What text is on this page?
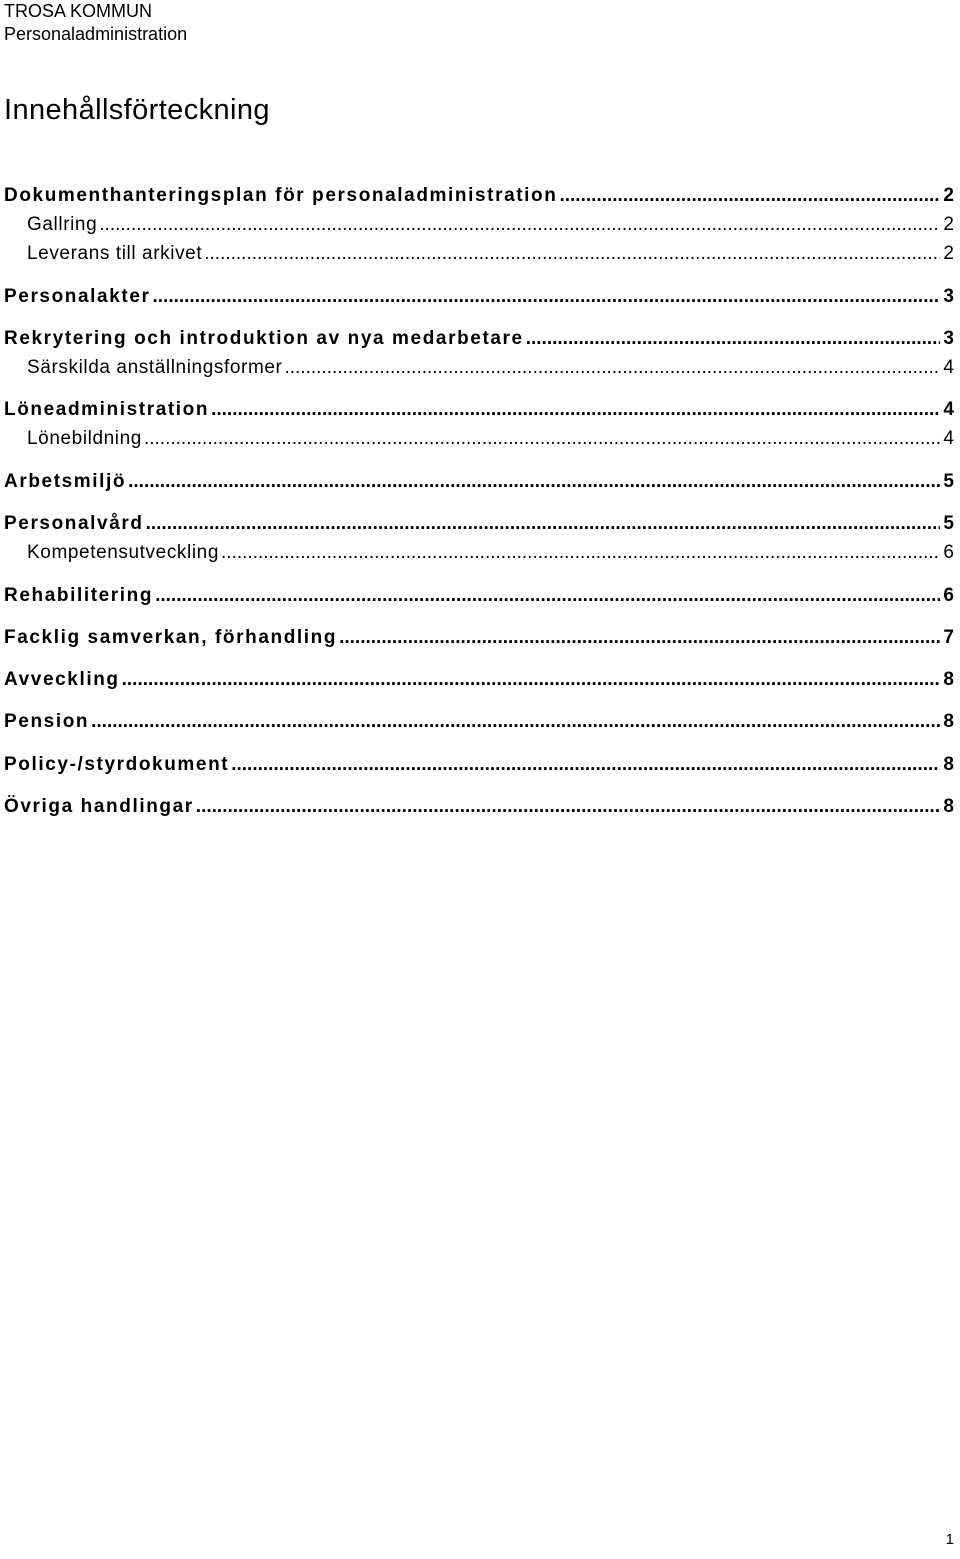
TROSA KOMMUN
Personaladministration
Innehållsförteckning
Dokumenthanteringsplan för personaladministration .....	2
Gallring .....	2
Leverans till arkivet .....	2
Personalakter .....	3
Rekrytering och introduktion av nya medarbetare .....	3
Särskilda anställningsformer .....	4
Löneadministration .....	4
Lönebildning .....	4
Arbetsmiljö .....	5
Personalvård .....	5
Kompetensutveckling .....	6
Rehabilitering .....	6
Facklig samverkan, förhandling .....	7
Avveckling .....	8
Pension .....	8
Policy-/styrdokument .....	8
Övriga handlingar .....	8
1
